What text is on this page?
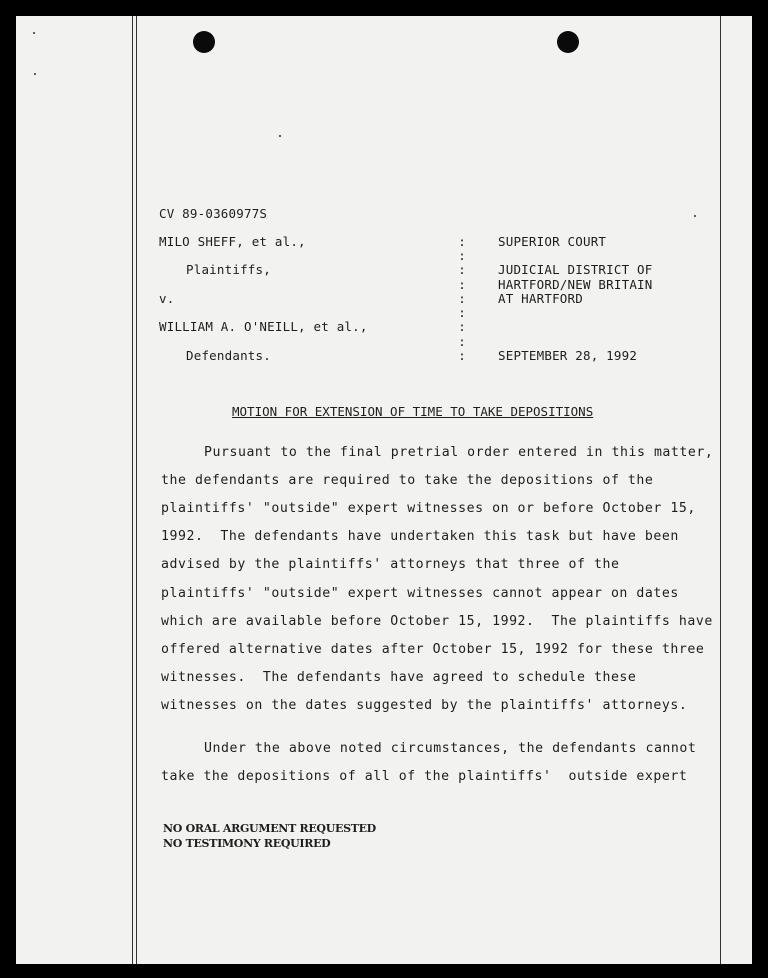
CV 89-0360977S
MILO SHEFF, et al.,
Plaintiffs,
v.
WILLIAM A. O'NEILL, et al.,
Defendants.
:
:
:
:
:
:
:
:
:
SUPERIOR COURT
JUDICIAL DISTRICT OF
HARTFORD/NEW BRITAIN
AT HARTFORD
SEPTEMBER 28, 1992
MOTION FOR EXTENSION OF TIME TO TAKE DEPOSITIONS
Pursuant to the final pretrial order entered in this matter,
the defendants are required to take the depositions of the
plaintiffs' "outside" expert witnesses on or before October 15,
1992.  The defendants have undertaken this task but have been
advised by the plaintiffs' attorneys that three of the
plaintiffs' "outside" expert witnesses cannot appear on dates
which are available before October 15, 1992.  The plaintiffs have
offered alternative dates after October 15, 1992 for these three
witnesses.  The defendants have agreed to schedule these
witnesses on the dates suggested by the plaintiffs' attorneys.
Under the above noted circumstances, the defendants cannot
take the depositions of all of the plaintiffs'  outside expert
NO ORAL ARGUMENT REQUESTED
NO TESTIMONY REQUIRED
